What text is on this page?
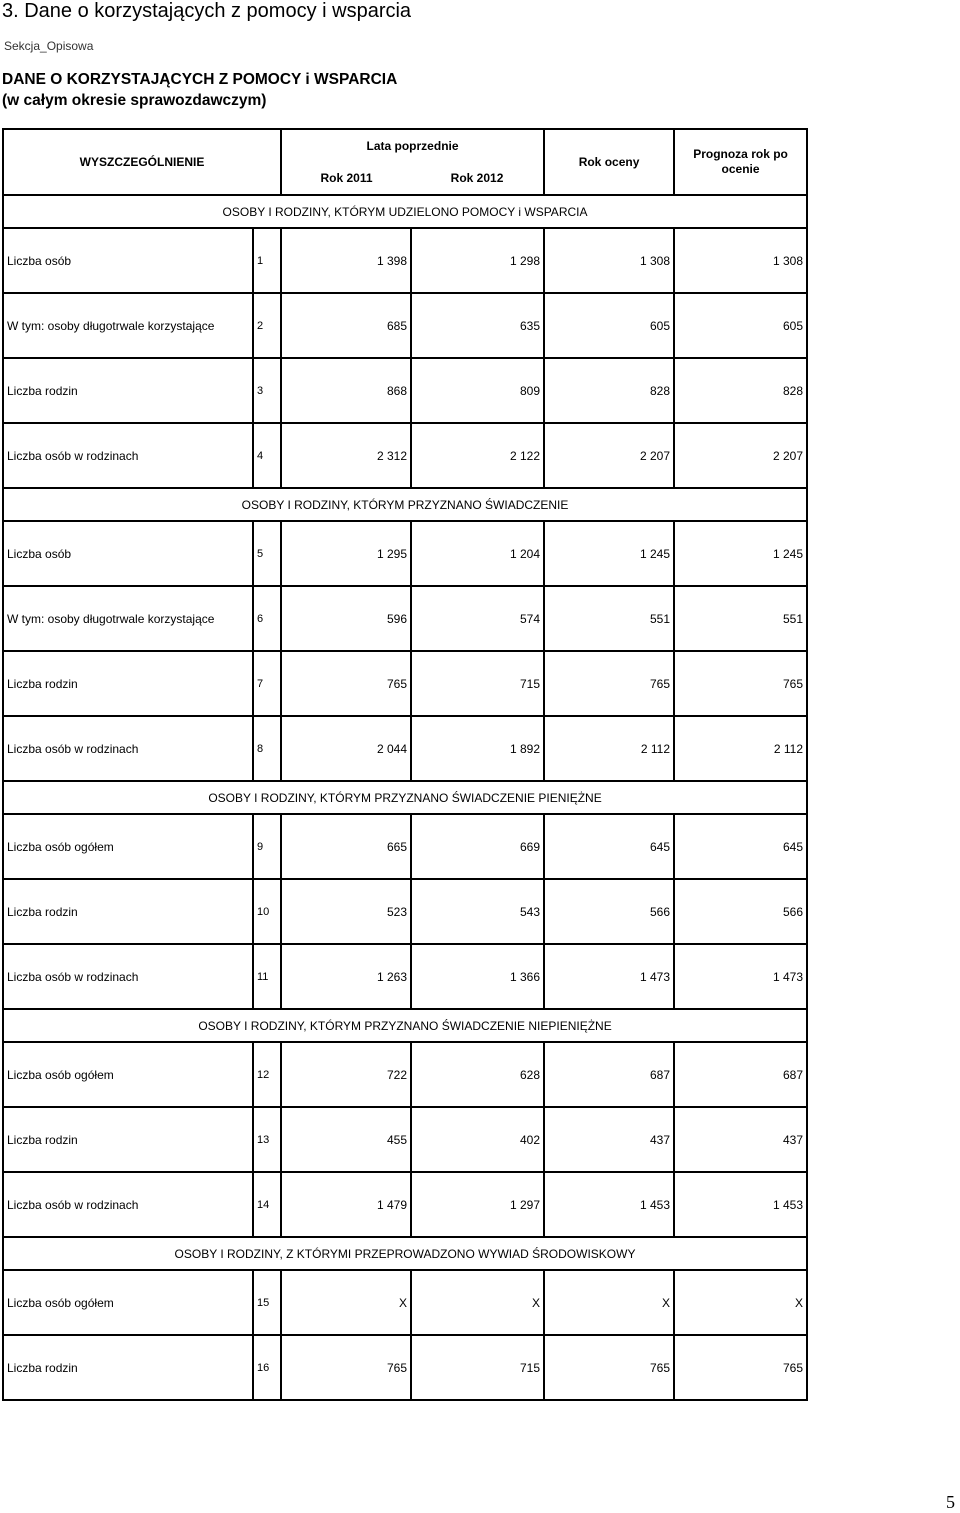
3. Dane o korzystających z pomocy i wsparcia
Sekcja_Opisowa
DANE O KORZYSTAJĄCYCH Z POMOCY i WSPARCIA
(w całym okresie sprawozdawczym)
WYSZCZEGÓLNIENIE		Lata poprzednie		Rok oceny	Prognoza rok po ocenie
		Rok 2011	Rok 2012		
OSOBY I RODZINY, KTÓRYM UDZIELONO POMOCY i WSPARCIA					
Liczba osób	1	1 398	1 298	1 308	1 308
W tym: osoby długotrwale korzystające	2	685	635	605	605
Liczba rodzin	3	868	809	828	828
Liczba osób w rodzinach	4	2 312	2 122	2 207	2 207
OSOBY I RODZINY, KTÓRYM PRZYZNANO ŚWIADCZENIE					
Liczba osób	5	1 295	1 204	1 245	1 245
W tym: osoby długotrwale korzystające	6	596	574	551	551
Liczba rodzin	7	765	715	765	765
Liczba osób w rodzinach	8	2 044	1 892	2 112	2 112
OSOBY I RODZINY, KTÓRYM PRZYZNANO ŚWIADCZENIE PIENIĘŻNE					
Liczba osób ogółem	9	665	669	645	645
Liczba rodzin	10	523	543	566	566
Liczba osób w rodzinach	11	1 263	1 366	1 473	1 473
OSOBY I RODZINY, KTÓRYM PRZYZNANO ŚWIADCZENIE NIEPIENIĘŻNE					
Liczba osób ogółem	12	722	628	687	687
Liczba rodzin	13	455	402	437	437
Liczba osób w rodzinach	14	1 479	1 297	1 453	1 453
OSOBY I RODZINY, Z KTÓRYMI PRZEPROWADZONO WYWIAD ŚRODOWISKOWY					
Liczba osób ogółem	15	X	X	X	X
Liczba rodzin	16	765	715	765	765
5
